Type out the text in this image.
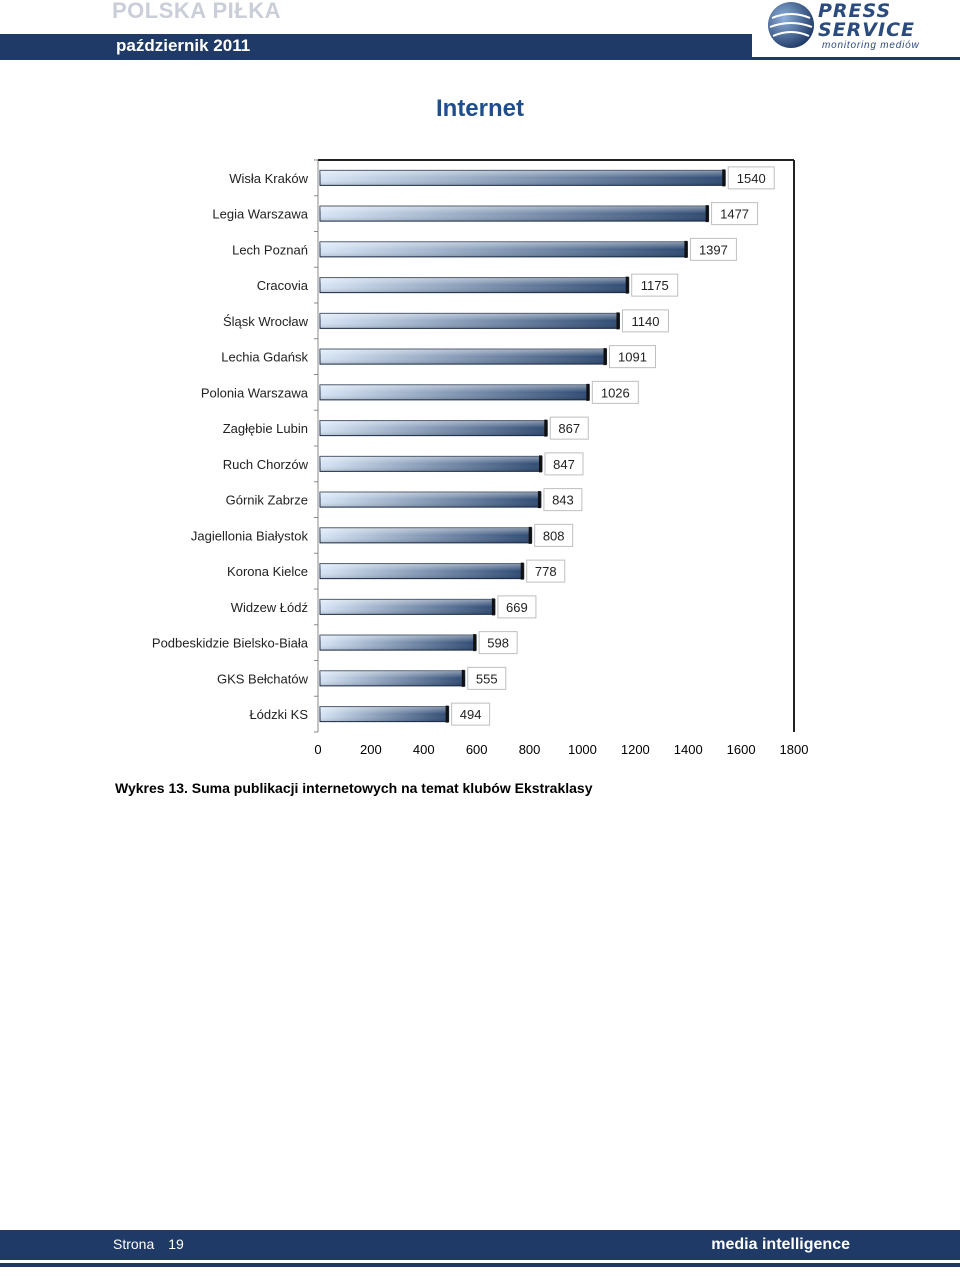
POLSKA PIŁKA
październik 2011
PRESS
SERVICE
monitoring mediów
Internet
0	200 400 600 800 1000 1200 1400 1600 1800
Wisła Kraków
Legia Warszawa
Lech Poznań
Cracovia
Śląsk Wrocław
Lechia Gdańsk
Polonia Warszawa
Zagłębie Lubin
Ruch Chorzów
Górnik Zabrze
Jagiellonia Białystok
Korona Kielce
Widzew Łódź
Podbeskidzie Bielsko-Biała
GKS Bełchatów
Łódzki KS
1540
1477
1397
1175
1140
1091
1026
867
847
843
808
778
669
598
555
494
Wykres 13. Suma publikacji internetowych na temat klubów Ekstraklasy
Strona 19	media intelligence
